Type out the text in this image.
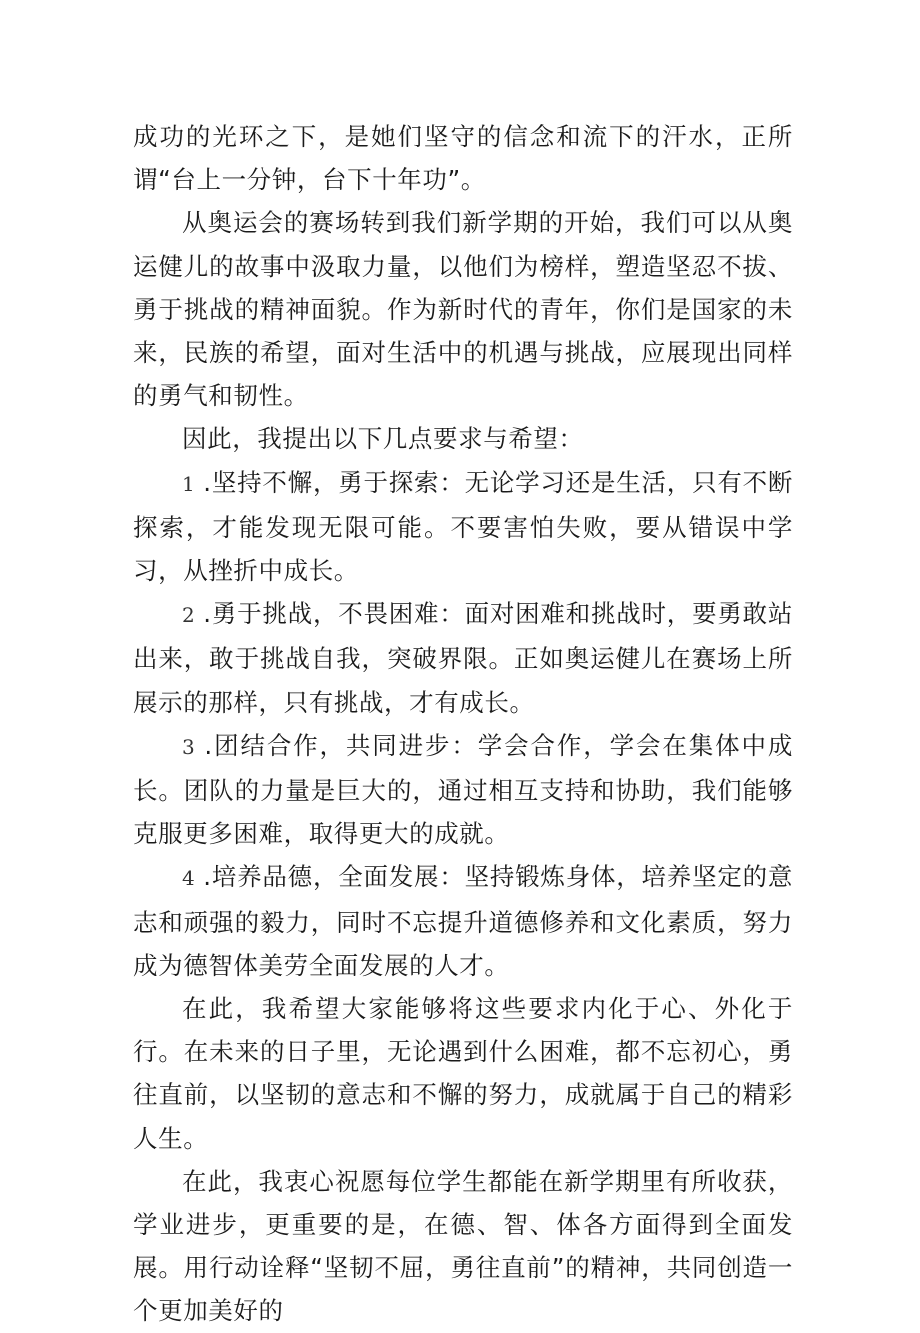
成功的光环之下，是她们坚守的信念和流下的汗水，正所谓“台上一分钟，台下十年功”。

从奥运会的赛场转到我们新学期的开始，我们可以从奥运健儿的故事中汲取力量，以他们为榜样，塑造坚忍不拔、勇于挑战的精神面貌。作为新时代的青年，你们是国家的未来，民族的希望，面对生活中的机遇与挑战，应展现出同样的勇气和韧性。

因此，我提出以下几点要求与希望：

1 .坚持不懈，勇于探索：无论学习还是生活，只有不断探索，才能发现无限可能。不要害怕失败，要从错误中学习，从挫折中成长。

2 .勇于挑战，不畏困难：面对困难和挑战时，要勇敢站出来，敢于挑战自我，突破界限。正如奥运健儿在赛场上所展示的那样，只有挑战，才有成长。

3 .团结合作，共同进步：学会合作，学会在集体中成长。团队的力量是巨大的，通过相互支持和协助，我们能够克服更多困难，取得更大的成就。

4 .培养品德，全面发展：坚持锻炼身体，培养坚定的意志和顽强的毅力，同时不忘提升道德修养和文化素质，努力成为德智体美劳全面发展的人才。

在此，我希望大家能够将这些要求内化于心、外化于行。在未来的日子里，无论遇到什么困难，都不忘初心，勇往直前，以坚韧的意志和不懈的努力，成就属于自己的精彩人生。

在此，我衷心祝愿每位学生都能在新学期里有所收获，学业进步，更重要的是，在德、智、体各方面得到全面发展。用行动诠释“坚韧不屈，勇往直前”的精神，共同创造一个更加美好的
